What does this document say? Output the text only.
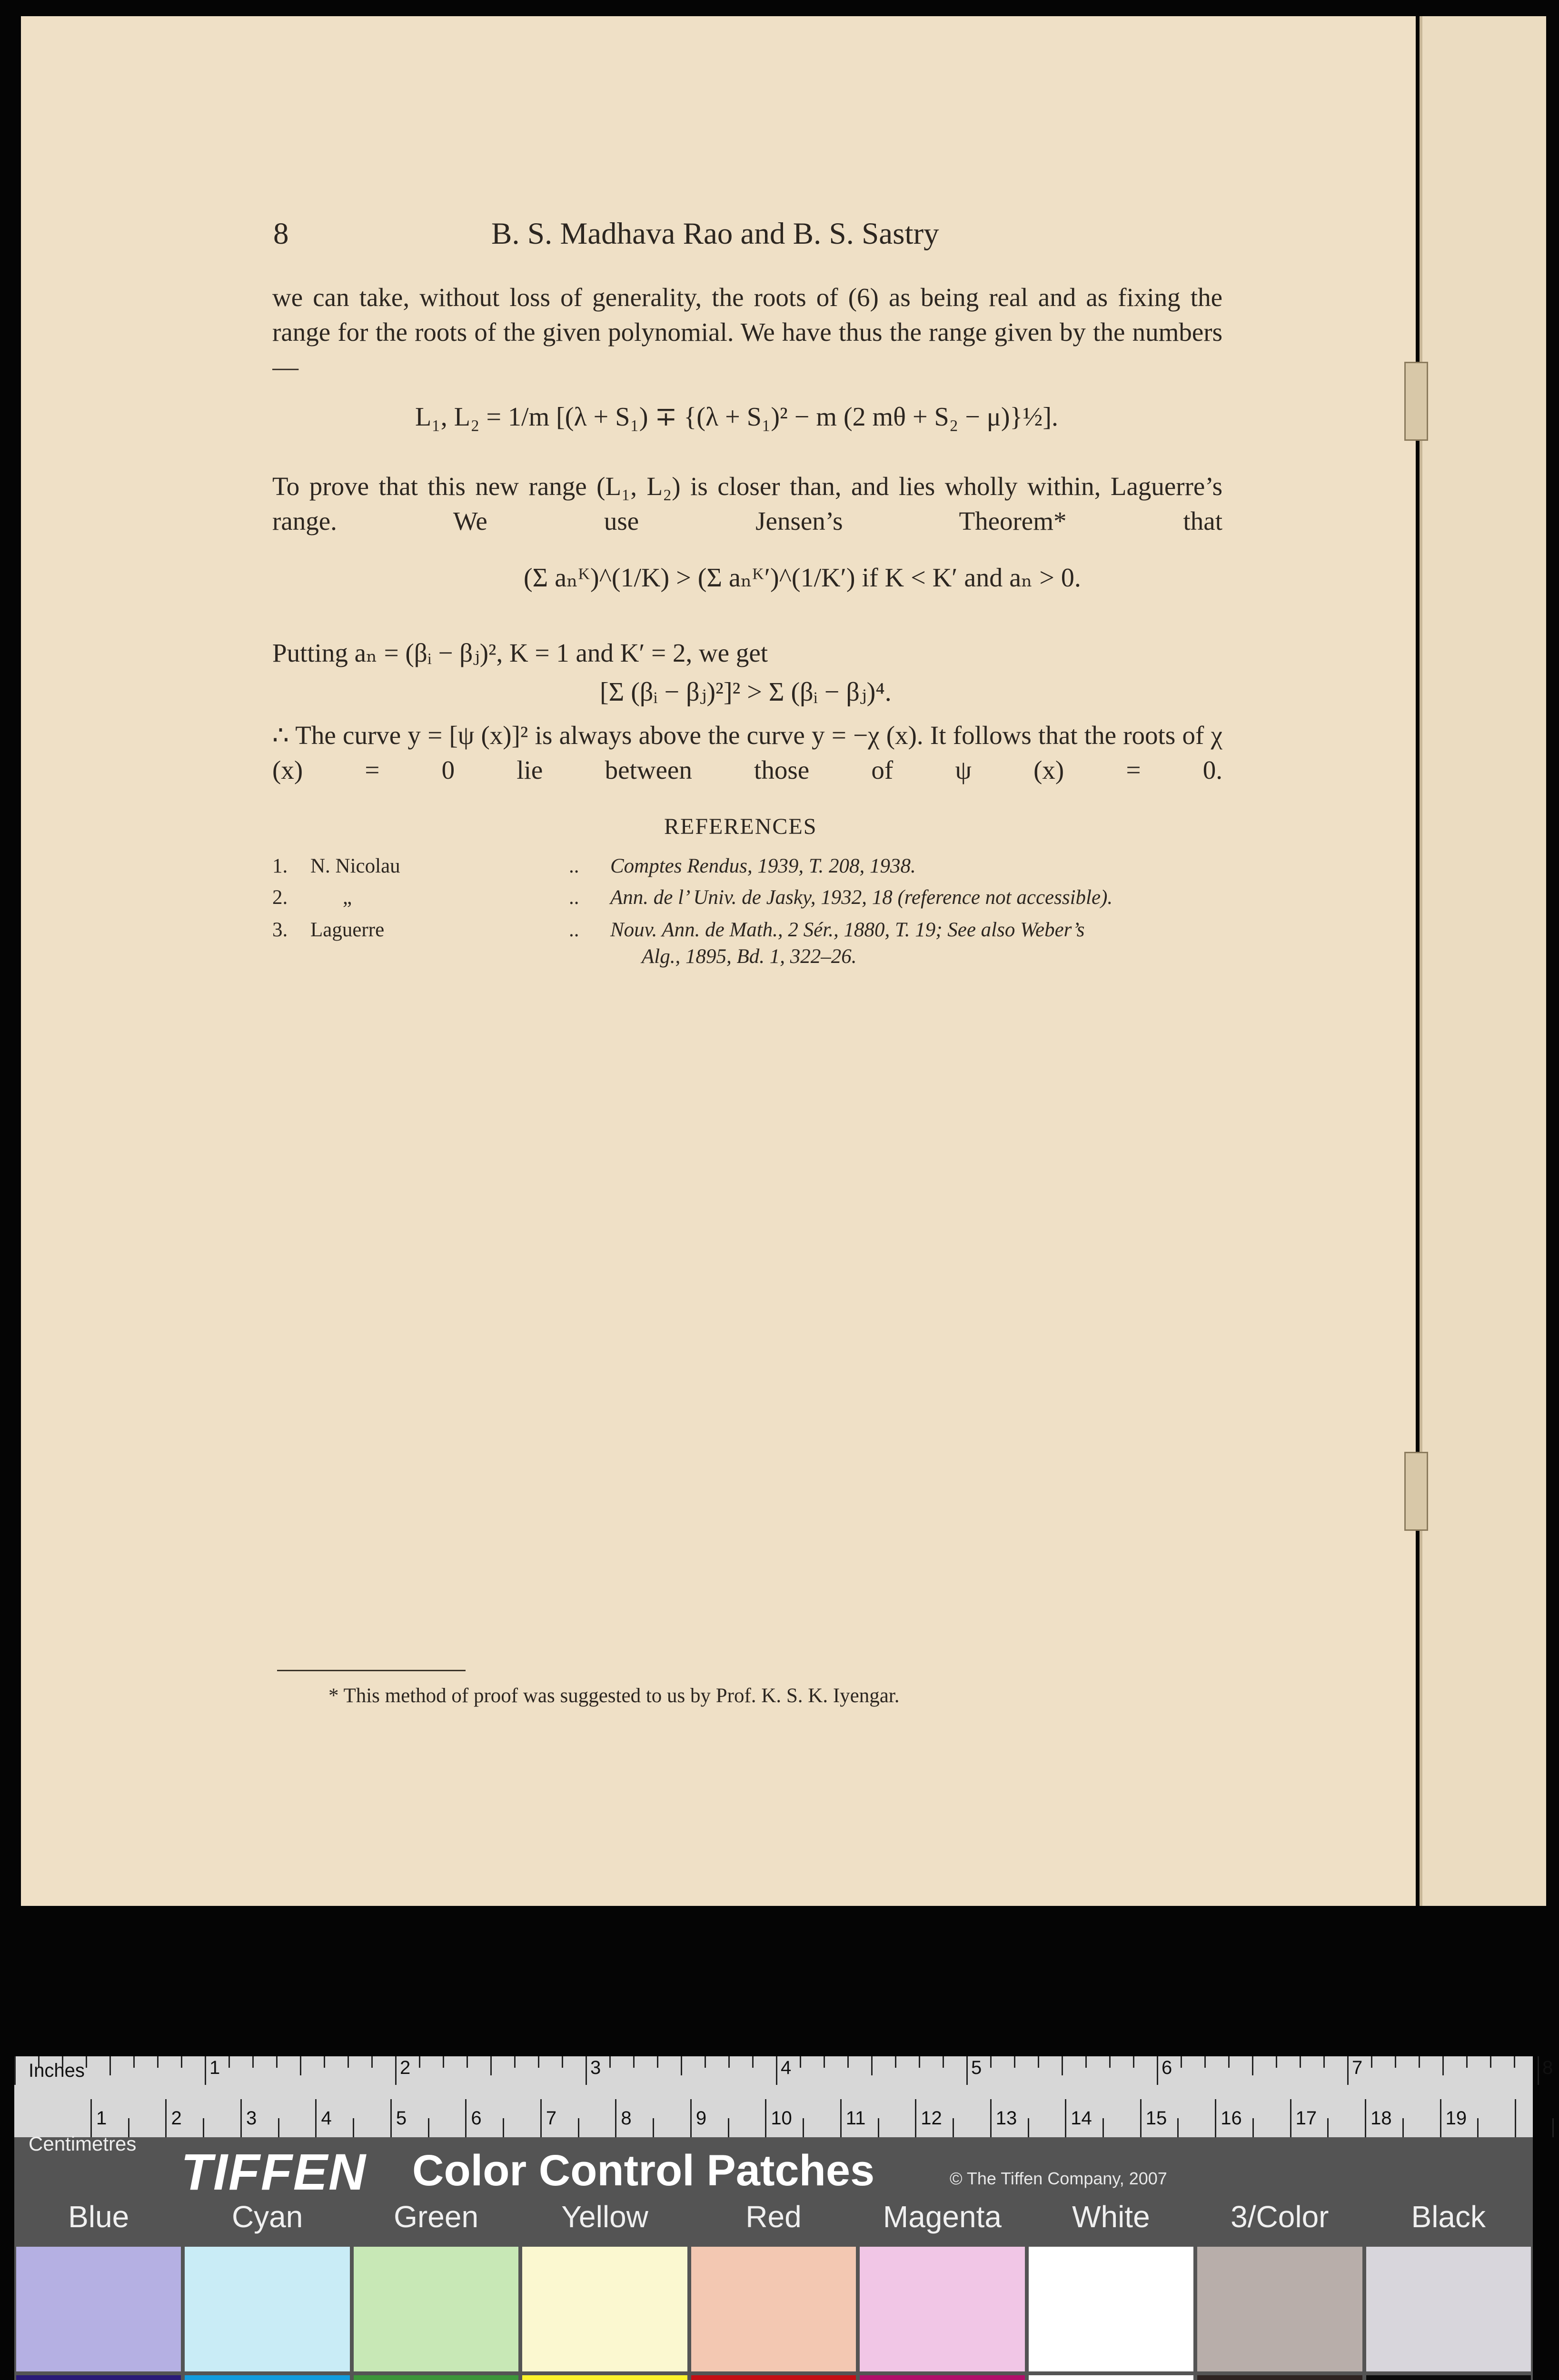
8	B. S. Madhava Rao and B. S. Sastry
we can take, without loss of generality, the roots of (6) as being real and as fixing the range for the roots of the given polynomial. We have thus the range given by the numbers—
L₁, L₂ = 1/m [(λ + S₁) ∓ {(λ + S₁)² − m (2 mθ + S₂ − μ)}½].
To prove that this new range (L₁, L₂) is closer than, and lies wholly within, Laguerre’s range. We use Jensen’s Theorem* that
(Σ aₙᴷ)^(1/K) > (Σ aₙᴷ′)^(1/K′) if K < K′ and aₙ > 0.
Putting aₙ = (βᵢ − βⱼ)², K = 1 and K′ = 2, we get
[Σ (βᵢ − βⱼ)²]² > Σ (βᵢ − βⱼ)⁴.
∴ The curve y = [ψ (x)]² is always above the curve y = −χ (x). It follows that the roots of χ (x) = 0 lie between those of ψ (x) = 0.
REFERENCES
1. N. Nicolau	.. Comptes Rendus, 1939, T. 208, 1938.
2.	„	.. Ann. de l’ Univ. de Jasky, 1932, 18 (reference not accessible).
3. Laguerre	.. Nouv. Ann. de Math., 2 Sér., 1880, T. 19; See also Weber’s
Alg., 1895, Bd. 1, 322–26.
* This method of proof was suggested to us by Prof. K. S. K. Iyengar.
1	2	3	4	5	6	7	8
1	2	3	4	5	6	7	8	9	10	11	12	13	14	15	16	17	18	19
Inches
Centimetres TIFFEN Color Control Patches	© The Tiffen Company, 2007
Blue	Cyan	Green	Yellow	Red	Magenta	White	3/Color	Black
